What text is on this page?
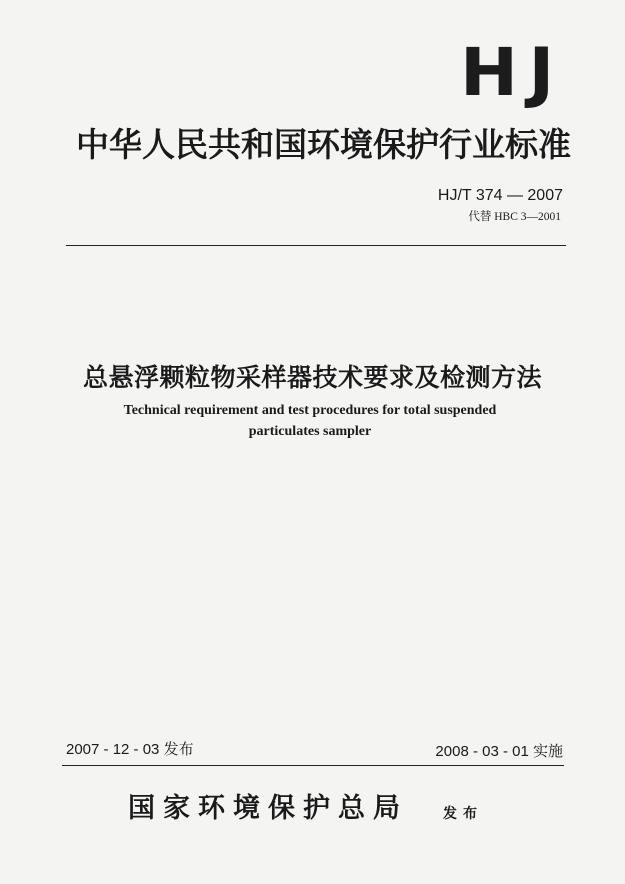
HJ
中华人民共和国环境保护行业标准
HJ/T 374 — 2007
代替 HBC 3—2001
总悬浮颗粒物采样器技术要求及检测方法
Technical requirement and test procedures for total suspended
particulates sampler
2007 - 12 - 03 发布	2008 - 03 - 01 实施
国家环境保护总局	发布
